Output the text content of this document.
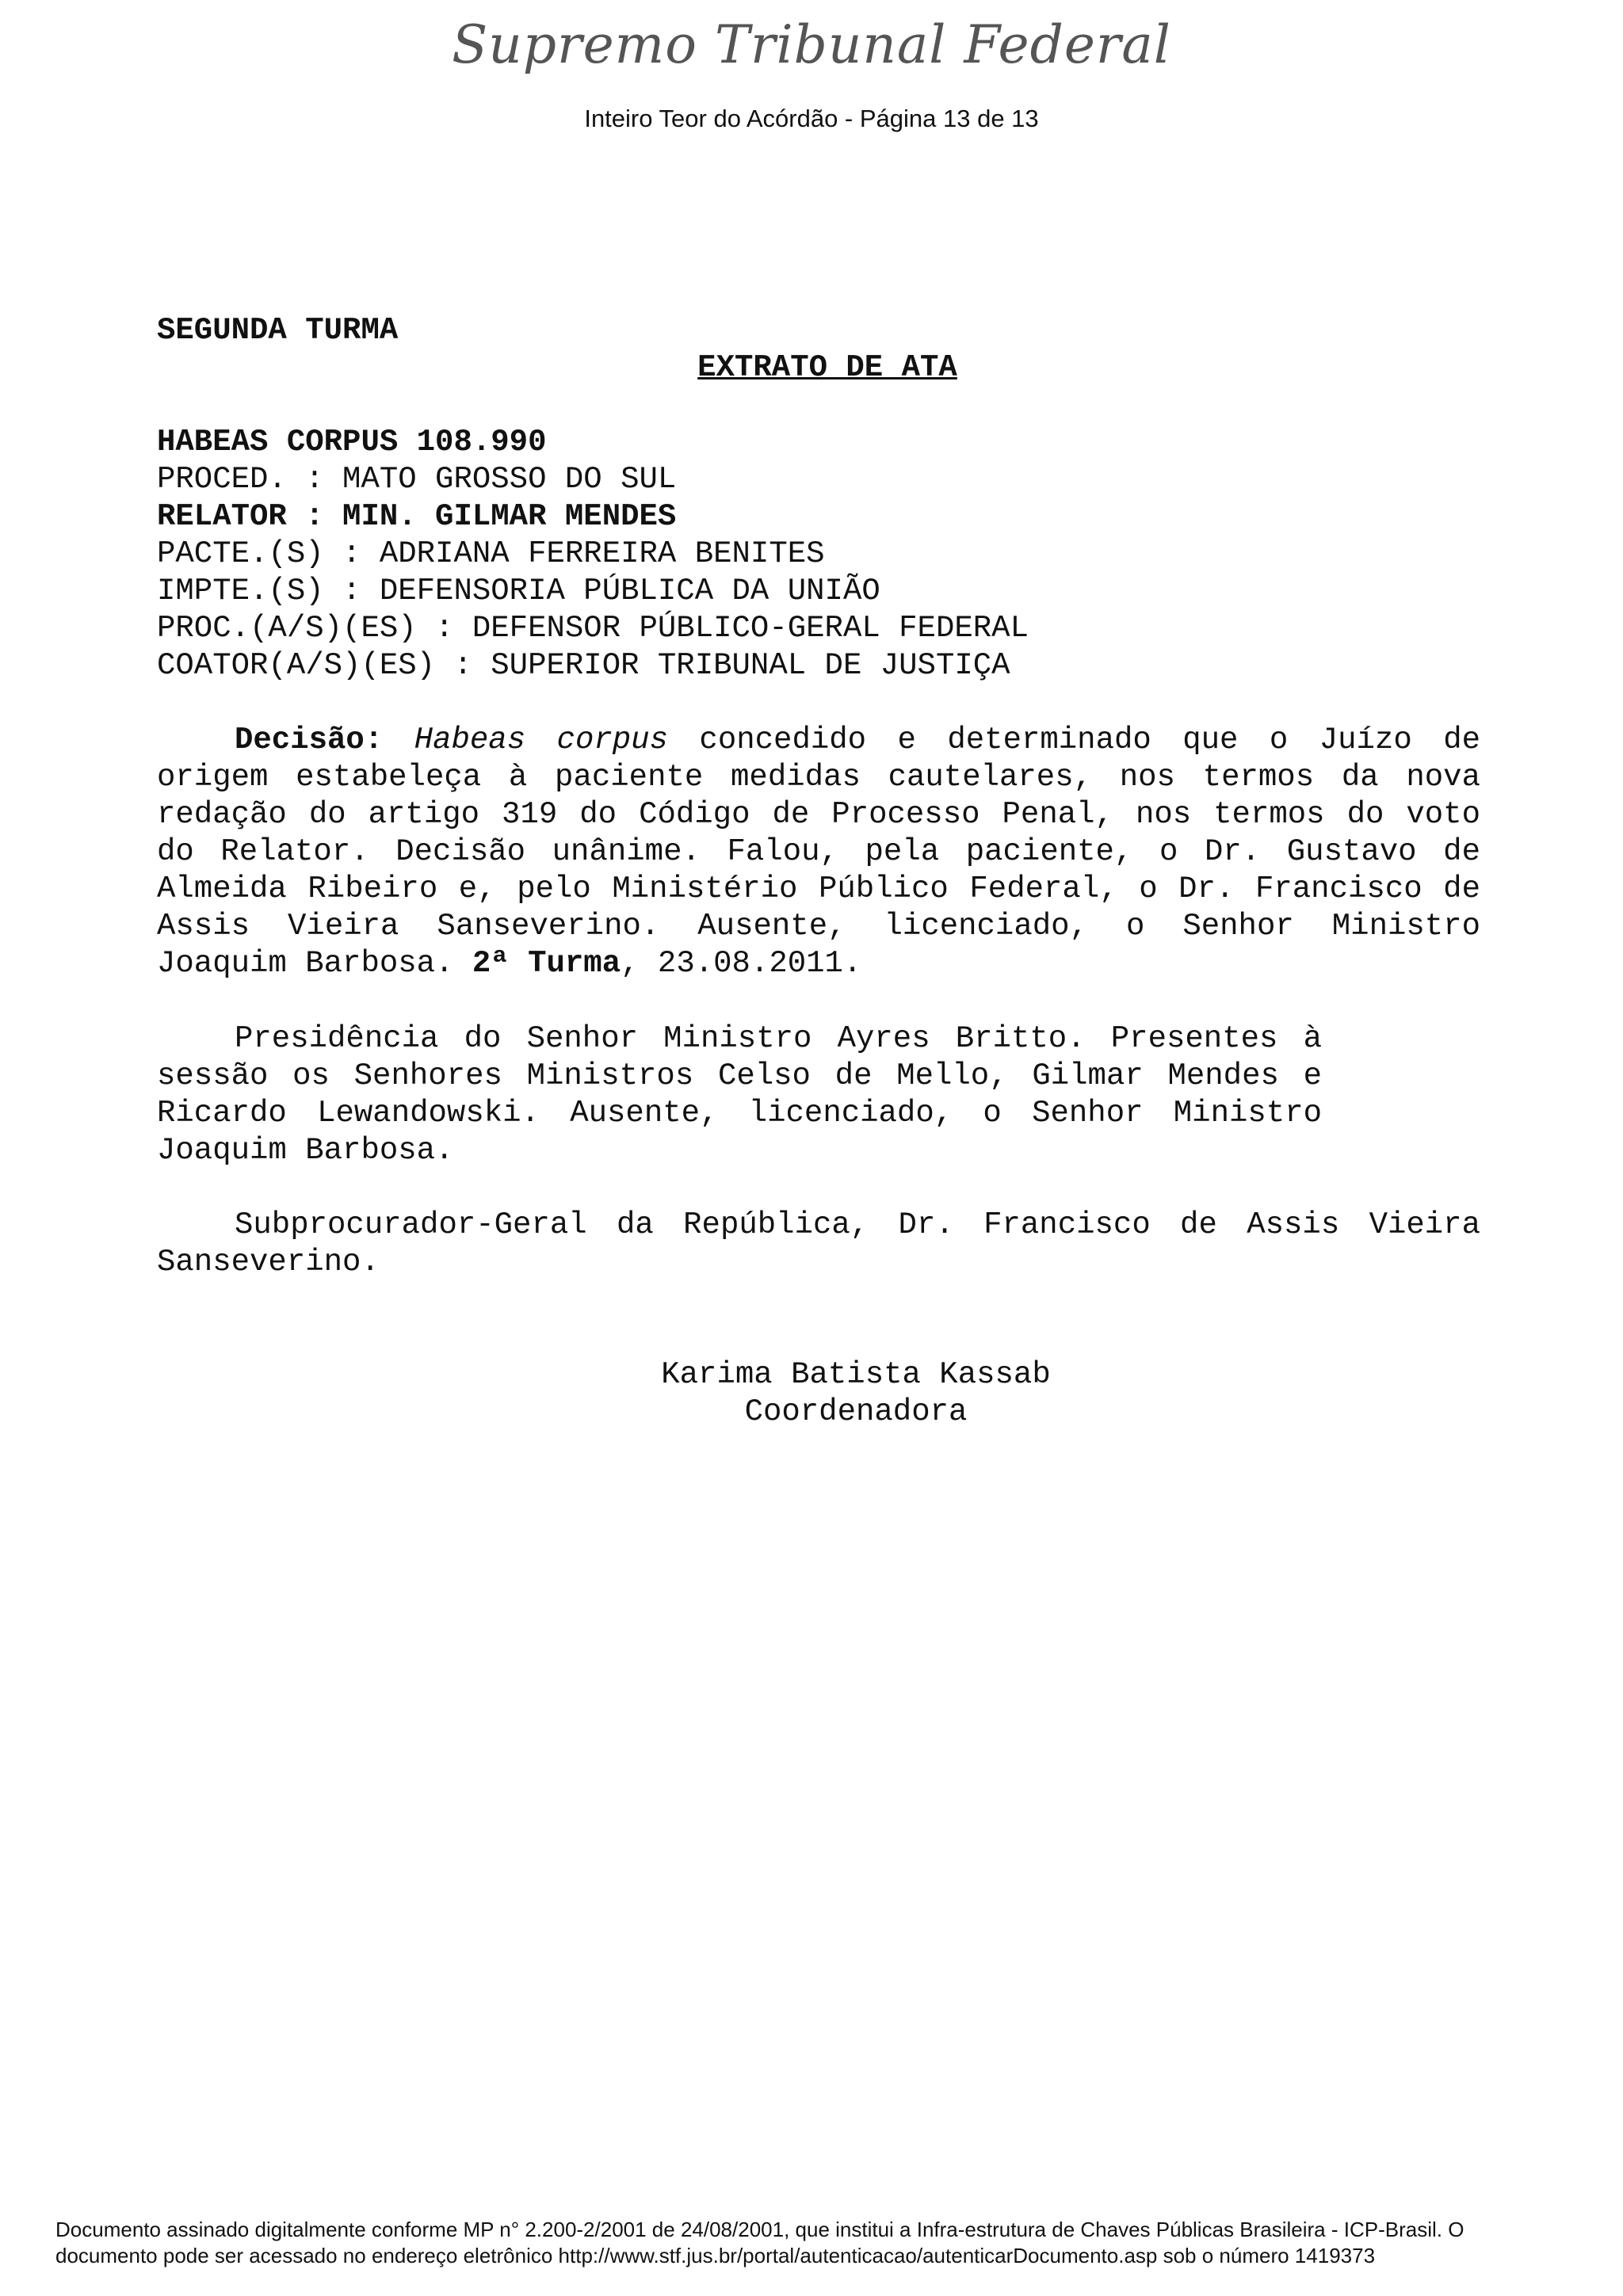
Supremo Tribunal Federal
Inteiro Teor do Acórdão - Página 13 de 13
SEGUNDA TURMA
EXTRATO DE ATA
HABEAS CORPUS 108.990
PROCED. : MATO GROSSO DO SUL
RELATOR : MIN. GILMAR MENDES
PACTE.(S) : ADRIANA FERREIRA BENITES
IMPTE.(S) : DEFENSORIA PÚBLICA DA UNIÃO
PROC.(A/S)(ES) : DEFENSOR PÚBLICO-GERAL FEDERAL
COATOR(A/S)(ES) : SUPERIOR TRIBUNAL DE JUSTIÇA
Decisão: Habeas corpus concedido e determinado que o Juízo de origem estabeleça à paciente medidas cautelares, nos termos da nova redação do artigo 319 do Código de Processo Penal, nos termos do voto do Relator. Decisão unânime. Falou, pela paciente, o Dr. Gustavo de Almeida Ribeiro e, pelo Ministério Público Federal, o Dr. Francisco de Assis Vieira Sanseverino. Ausente, licenciado, o Senhor Ministro Joaquim Barbosa. 2ª Turma, 23.08.2011.
Presidência do Senhor Ministro Ayres Britto. Presentes à sessão os Senhores Ministros Celso de Mello, Gilmar Mendes e Ricardo Lewandowski. Ausente, licenciado, o Senhor Ministro Joaquim Barbosa.
Subprocurador-Geral da República, Dr. Francisco de Assis Vieira Sanseverino.
Karima Batista Kassab
Coordenadora
Documento assinado digitalmente conforme MP n° 2.200-2/2001 de 24/08/2001, que institui a Infra-estrutura de Chaves Públicas Brasileira - ICP-Brasil. O
documento pode ser acessado no endereço eletrônico http://www.stf.jus.br/portal/autenticacao/autenticarDocumento.asp sob o número 1419373
